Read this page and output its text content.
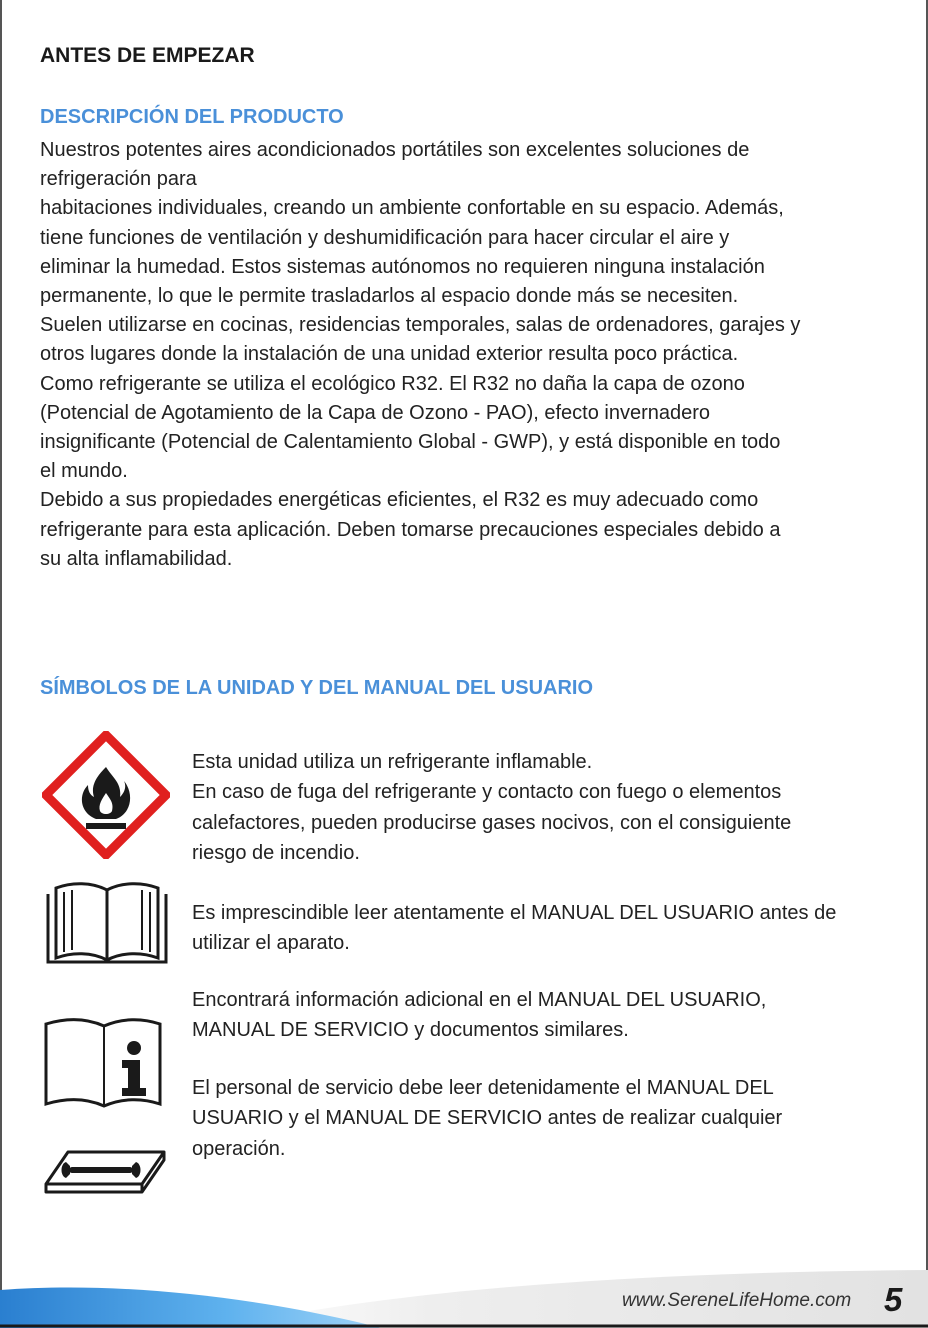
ANTES DE EMPEZAR
DESCRIPCIÓN DEL PRODUCTO

Nuestros potentes aires acondicionados portátiles son excelentes soluciones de
refrigeración para
habitaciones individuales, creando un ambiente confortable en su espacio. Además,
tiene funciones de ventilación y deshumidificación para hacer circular el aire y
eliminar la humedad. Estos sistemas autónomos no requieren ninguna instalación
permanente, lo que le permite trasladarlos al espacio donde más se necesiten.
Suelen utilizarse en cocinas, residencias temporales, salas de ordenadores, garajes y
otros lugares donde la instalación de una unidad exterior resulta poco práctica.
Como refrigerante se utiliza el ecológico R32. El R32 no daña la capa de ozono
(Potencial de Agotamiento de la Capa de Ozono - PAO), efecto invernadero
insignificante (Potencial de Calentamiento Global - GWP), y está disponible en todo
el mundo.
Debido a sus propiedades energéticas eficientes, el R32 es muy adecuado como
refrigerante para esta aplicación. Deben tomarse precauciones especiales debido a
su alta inflamabilidad.

SÍMBOLOS DE LA UNIDAD Y DEL MANUAL DEL USUARIO

Esta unidad utiliza un refrigerante inflamable.
En caso de fuga del refrigerante y contacto con fuego o elementos
calefactores, pueden producirse gases nocivos, con el consiguiente
riesgo de incendio.

Es imprescindible leer atentamente el MANUAL DEL USUARIO antes de
utilizar el aparato.

Encontrará información adicional en el MANUAL DEL USUARIO,
MANUAL DE SERVICIO y documentos similares.

El personal de servicio debe leer detenidamente el MANUAL DEL
USUARIO y el MANUAL DE SERVICIO antes de realizar cualquier
operación.

www.SereneLifeHome.com 5
